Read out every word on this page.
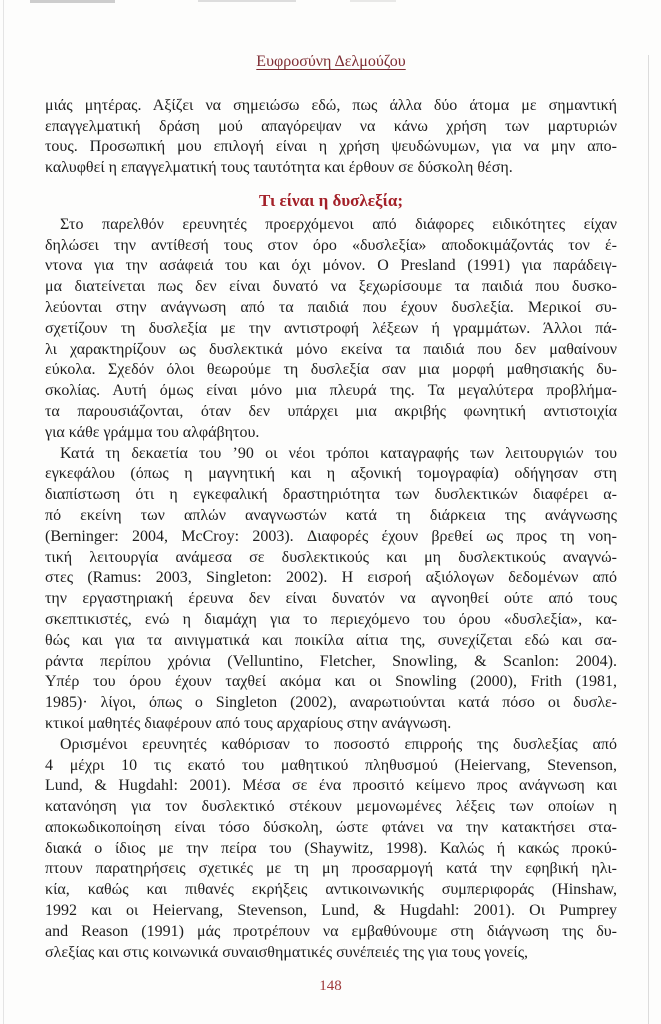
Ευφροσύνη Δελμούζου
μιάς μητέρας. Αξίζει να σημειώσω εδώ, πως άλλα δύο άτομα με σημαντική
επαγγελματική δράση μού απαγόρεψαν να κάνω χρήση των μαρτυριών
τους. Προσωπική μου επιλογή είναι η χρήση ψευδώνυμων, για να μην απο-
καλυφθεί η επαγγελματική τους ταυτότητα και έρθουν σε δύσκολη θέση.
Τι είναι η δυσλεξία;
Στο παρελθόν ερευνητές προερχόμενοι από διάφορες ειδικότητες είχαν
δηλώσει την αντίθεσή τους στον όρο «δυσλεξία» αποδοκιμάζοντάς τον έ-
ντονα για την ασάφειά του και όχι μόνον. Ο Presland (1991) για παράδειγ-
μα διατείνεται πως δεν είναι δυνατό να ξεχωρίσουμε τα παιδιά που δυσκο-
λεύονται στην ανάγνωση από τα παιδιά που έχουν δυσλεξία. Μερικοί συ-
σχετίζουν τη δυσλεξία με την αντιστροφή λέξεων ή γραμμάτων. Άλλοι πά-
λι χαρακτηρίζουν ως δυσλεκτικά μόνο εκείνα τα παιδιά που δεν μαθαίνουν
εύκολα. Σχεδόν όλοι θεωρούμε τη δυσλεξία σαν μια μορφή μαθησιακής δυ-
σκολίας. Αυτή όμως είναι μόνο μια πλευρά της. Τα μεγαλύτερα προβλήμα-
τα παρουσιάζονται, όταν δεν υπάρχει μια ακριβής φωνητική αντιστοιχία
για κάθε γράμμα του αλφάβητου.
Κατά τη δεκαετία του ’90 οι νέοι τρόποι καταγραφής των λειτουργιών του
εγκεφάλου (όπως η μαγνητική και η αξονική τομογραφία) οδήγησαν στη
διαπίστωση ότι η εγκεφαλική δραστηριότητα των δυσλεκτικών διαφέρει α-
πό εκείνη των απλών αναγνωστών κατά τη διάρκεια της ανάγνωσης
(Berninger: 2004, McCroy: 2003). Διαφορές έχουν βρεθεί ως προς τη νοη-
τική λειτουργία ανάμεσα σε δυσλεκτικούς και μη δυσλεκτικούς αναγνώ-
στες (Ramus: 2003, Singleton: 2002). Η εισροή αξιόλογων δεδομένων από
την εργαστηριακή έρευνα δεν είναι δυνατόν να αγνοηθεί ούτε από τους
σκεπτικιστές, ενώ η διαμάχη για το περιεχόμενο του όρου «δυσλεξία», κα-
θώς και για τα αινιγματικά και ποικίλα αίτια της, συνεχίζεται εδώ και σα-
ράντα περίπου χρόνια (Velluntino, Fletcher, Snowling, & Scanlon: 2004).
Υπέρ του όρου έχουν ταχθεί ακόμα και οι Snowling (2000), Frith (1981,
1985)· λίγοι, όπως ο Singleton (2002), αναρωτιούνται κατά πόσο οι δυσλε-
κτικοί μαθητές διαφέρουν από τους αρχαρίους στην ανάγνωση.
Ορισμένοι ερευνητές καθόρισαν το ποσοστό επιρροής της δυσλεξίας από
4 μέχρι 10 τις εκατό του μαθητικού πληθυσμού (Heiervang, Stevenson,
Lund, & Hugdahl: 2001). Μέσα σε ένα προσιτό κείμενο προς ανάγνωση και
κατανόηση για τον δυσλεκτικό στέκουν μεμονωμένες λέξεις των οποίων η
αποκωδικοποίηση είναι τόσο δύσκολη, ώστε φτάνει να την κατακτήσει στα-
διακά ο ίδιος με την πείρα του (Shaywitz, 1998). Καλώς ή κακώς προκύ-
πτουν παρατηρήσεις σχετικές με τη μη προσαρμογή κατά την εφηβική ηλι-
κία, καθώς και πιθανές εκρήξεις αντικοινωνικής συμπεριφοράς (Hinshaw,
1992 και οι Heiervang, Stevenson, Lund, & Hugdahl: 2001). Οι Pumprey
and Reason (1991) μάς προτρέπουν να εμβαθύνουμε στη διάγνωση της δυ-
σλεξίας και στις κοινωνικά συναισθηματικές συνέπειές της για τους γονείς,
148
